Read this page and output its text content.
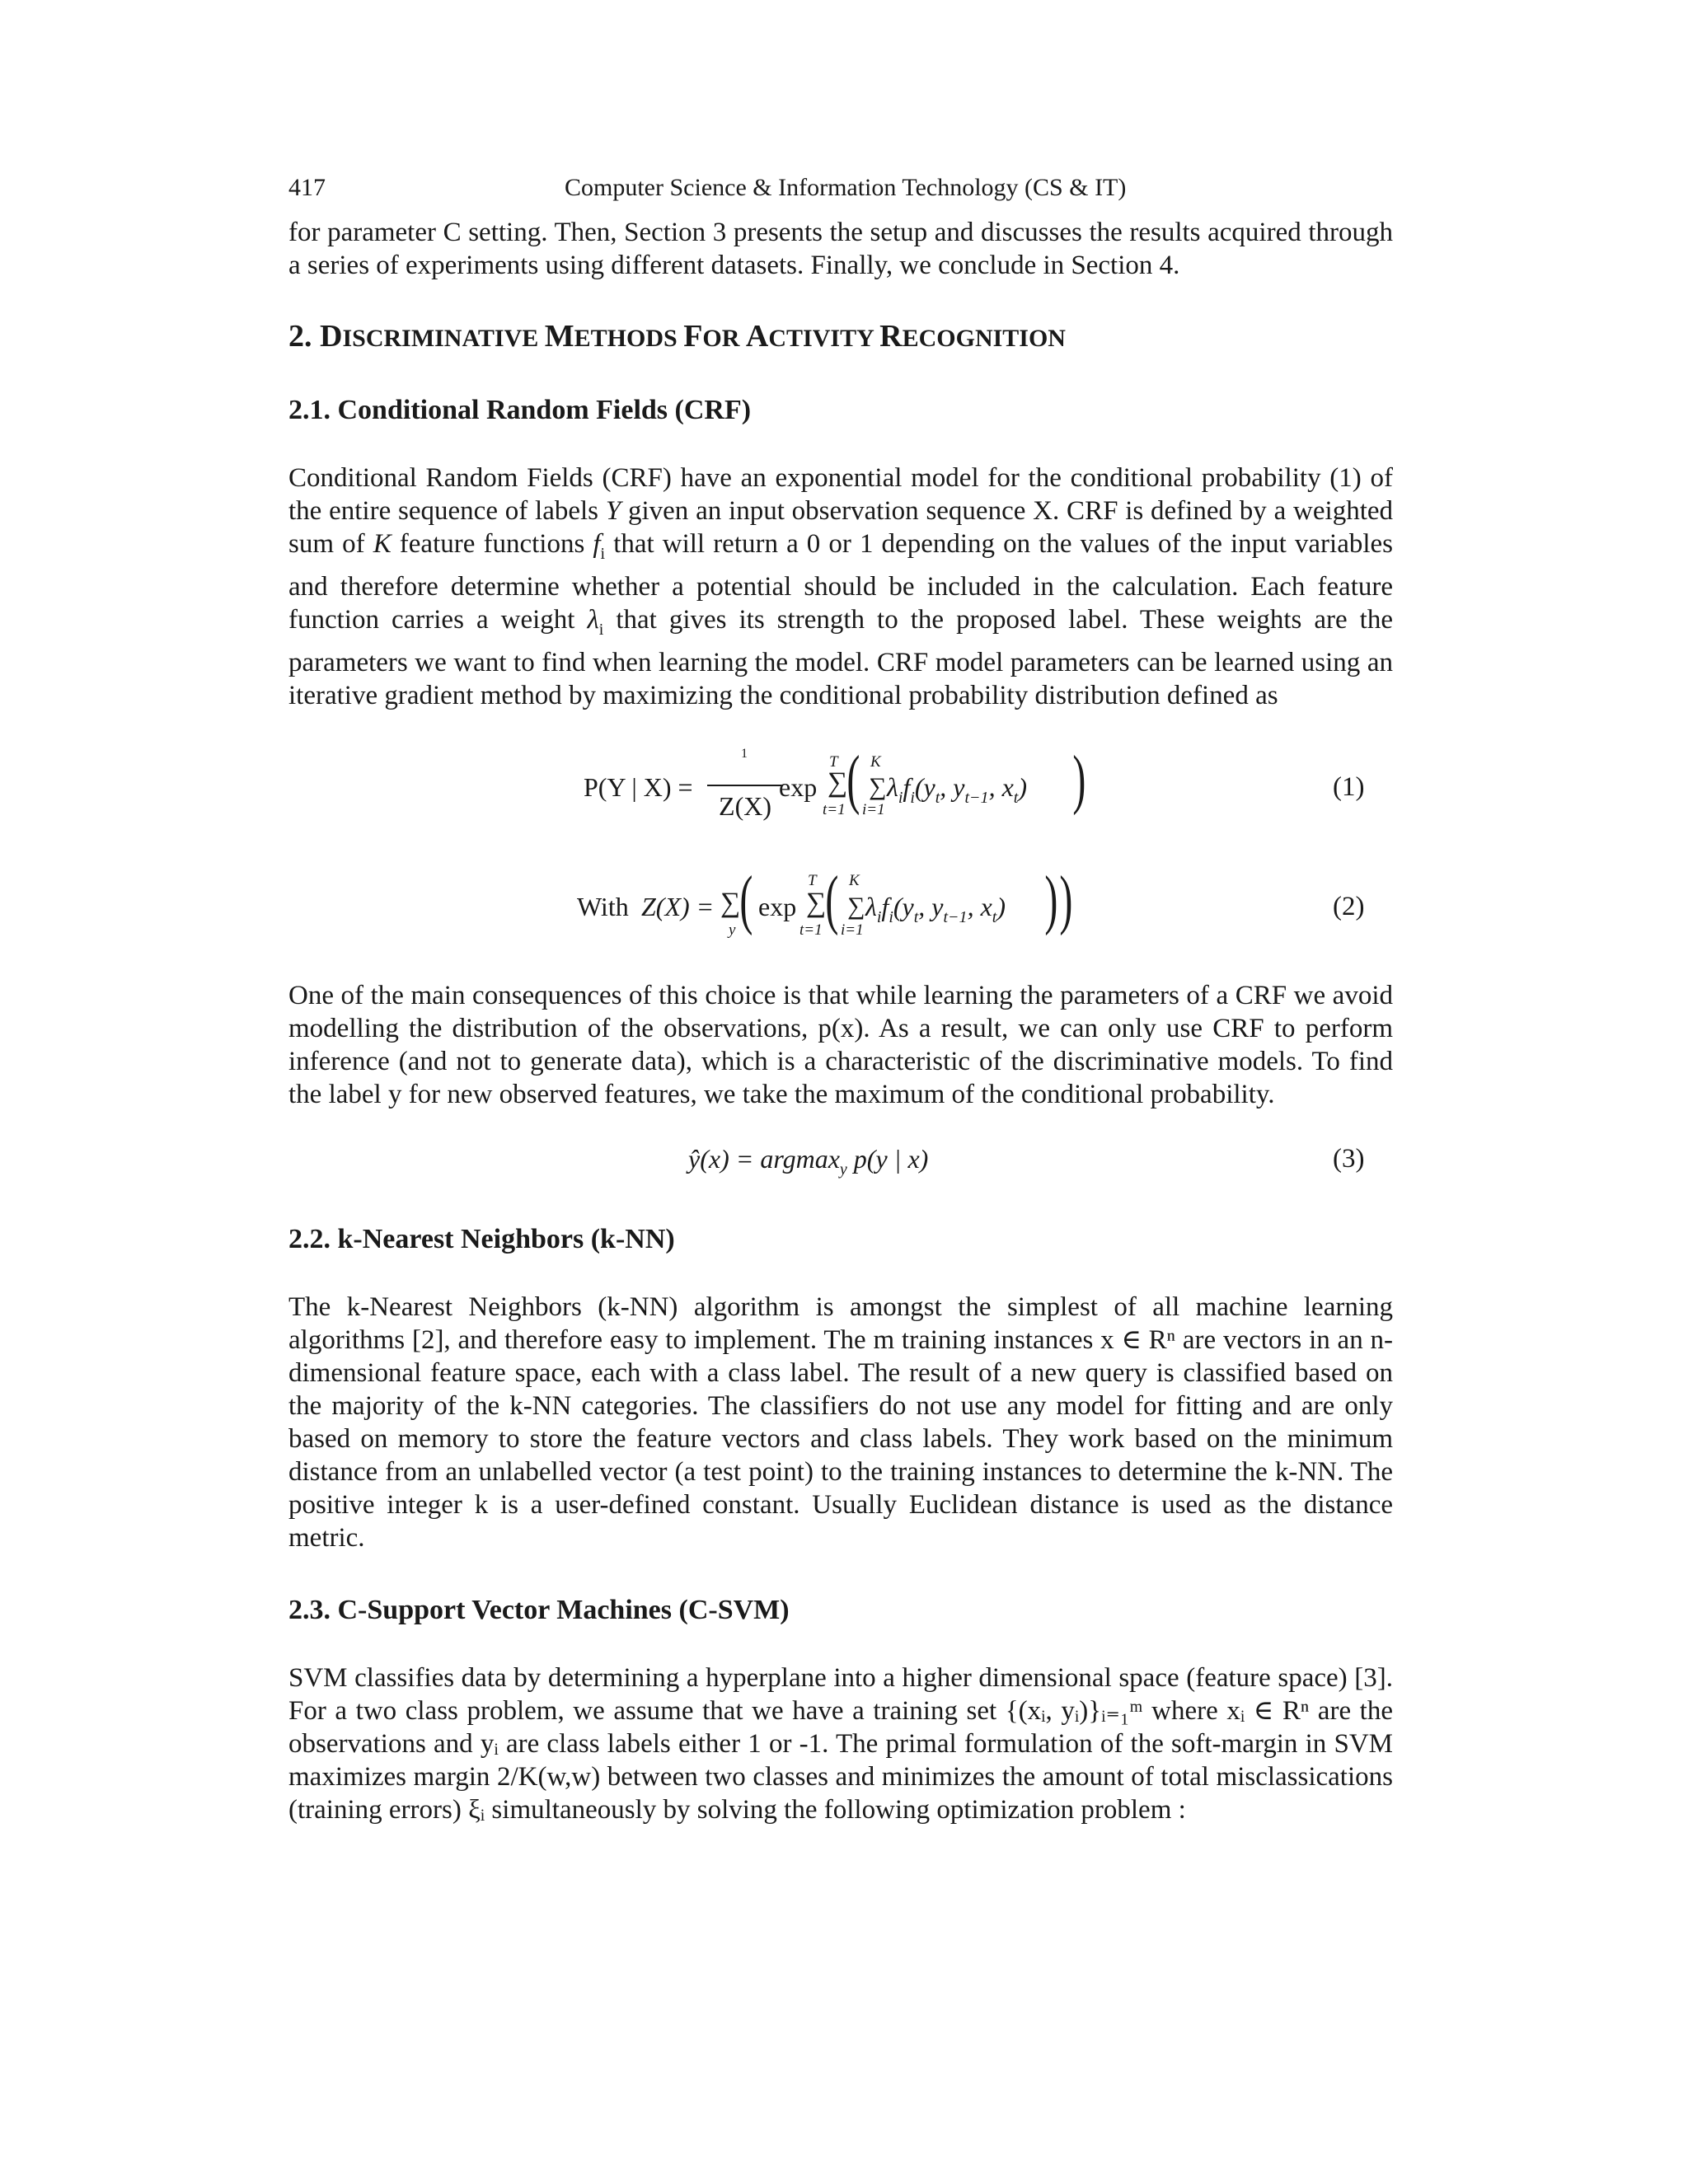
417	Computer Science & Information Technology (CS & IT)

for parameter C setting. Then, Section 3 presents the setup and discusses the results acquired through a series of experiments using different datasets. Finally, we conclude in Section 4.

2. DISCRIMINATIVE METHODS FOR ACTIVITY RECOGNITION
2.1. Conditional Random Fields (CRF)

Conditional Random Fields (CRF) have an exponential model for the conditional probability (1) of the entire sequence of labels Y given an input observation sequence X. CRF is defined by a weighted sum of K feature functions $f_i$ that will return a 0 or 1 depending on the values of the input variables and therefore determine whether a potential should be included in the calculation. Each feature function carries a weight $\lambda_i$ that gives its strength to the proposed label. These weights are the parameters we want to find when learning the model. CRF model parameters can be learned using an iterative gradient method by maximizing the conditional probability distribution defined as

P(Y | X) =
1
Z(X)
exp ∑
T
t=1 ( ∑
K
i=1
$\lambda_if_i(y_t$, $y_{t-1}$, $x_t$) )	(1)
With Z(X) = ∑
y ( exp ∑
T
t=1 ( ∑
K
i=1
$\lambda_if_i(y_t$, $y_{t-1}$, $x_t$) ) )	(2)

One of the main consequences of this choice is that while learning the parameters of a CRF we avoid modelling the distribution of the observations, p(x). As a result, we can only use CRF to perform inference (and not to generate data), which is a characteristic of the discriminative models. To find the label y for new observed features, we take the maximum of the conditional probability.

ŷ(x) = argmax$_y$ p(y | x)	(3)
2.2. k-Nearest Neighbors (k-NN)

The k-Nearest Neighbors (k-NN) algorithm is amongst the simplest of all machine learning algorithms [2], and therefore easy to implement. The m training instances x ∈ Rⁿ are vectors in an n-dimensional feature space, each with a class label. The result of a new query is classified based on the majority of the k-NN categories. The classifiers do not use any model for fitting and are only based on memory to store the feature vectors and class labels. They work based on the minimum distance from an unlabelled vector (a test point) to the training instances to determine the k-NN. The positive integer k is a user-defined constant. Usually Euclidean distance is used as the distance metric.

2.3. C-Support Vector Machines (C-SVM)

SVM classifies data by determining a hyperplane into a higher dimensional space (feature space) [3]. For a two class problem, we assume that we have a training set {(xᵢ, yᵢ)}ᵢ₌₁ᵐ where xᵢ ∈ Rⁿ are the observations and yᵢ are class labels either 1 or -1. The primal formulation of the soft-margin in SVM maximizes margin 2/K(w,w) between two classes and minimizes the amount of total misclassications (training errors) ξᵢ simultaneously by solving the following optimization problem :
